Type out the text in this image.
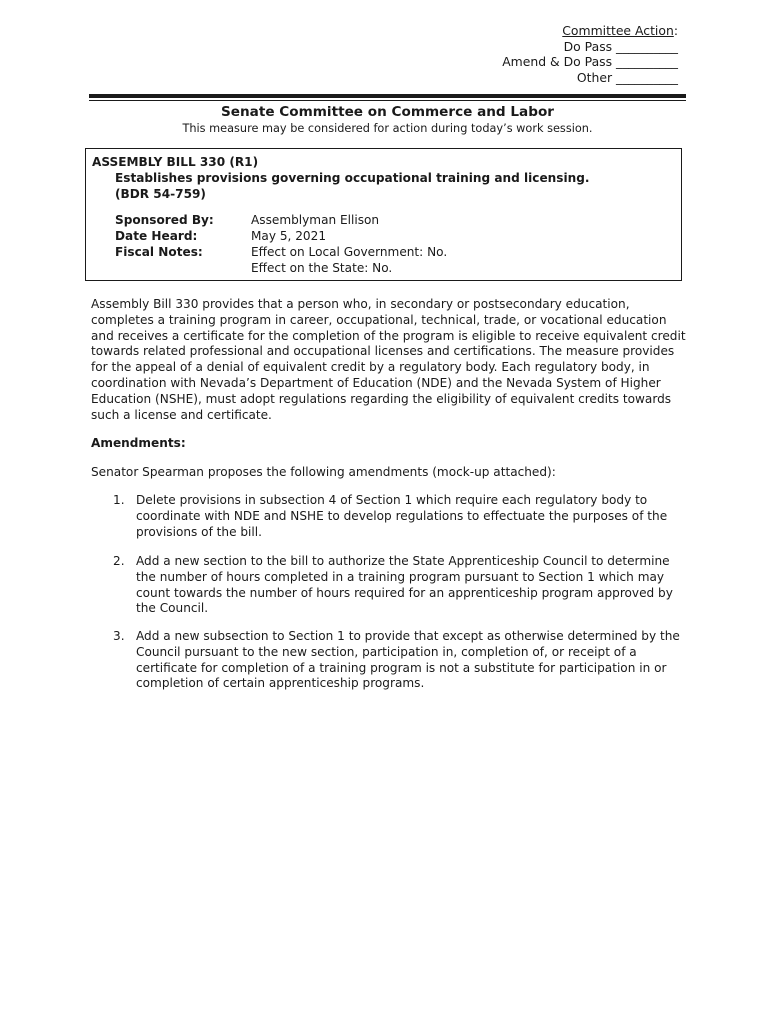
Committee Action:
Do Pass __________
Amend & Do Pass __________
Other __________
Senate Committee on Commerce and Labor
This measure may be considered for action during today’s work session.
ASSEMBLY BILL 330 (R1)
Establishes provisions governing occupational training and licensing.
(BDR 54-759)
Sponsored By:	Assemblyman Ellison
Date Heard:	May 5, 2021
Fiscal Notes:	Effect on Local Government: No.
Effect on the State: No.

Assembly Bill 330 provides that a person who, in secondary or postsecondary education, completes a training program in career, occupational, technical, trade, or vocational education and receives a certificate for the completion of the program is eligible to receive equivalent credit towards related professional and occupational licenses and certifications. The measure provides for the appeal of a denial of equivalent credit by a regulatory body. Each regulatory body, in coordination with Nevada’s Department of Education (NDE) and the Nevada System of Higher Education (NSHE), must adopt regulations regarding the eligibility of equivalent credits towards such a license and certificate.

Amendments:

Senator Spearman proposes the following amendments (mock-up attached):

1. Delete provisions in subsection 4 of Section 1 which require each regulatory body to coordinate with NDE and NSHE to develop regulations to effectuate the purposes of the provisions of the bill.
2. Add a new section to the bill to authorize the State Apprenticeship Council to determine the number of hours completed in a training program pursuant to Section 1 which may count towards the number of hours required for an apprenticeship program approved by the Council.
3. Add a new subsection to Section 1 to provide that except as otherwise determined by the Council pursuant to the new section, participation in, completion of, or receipt of a certificate for completion of a training program is not a substitute for participation in or completion of certain apprenticeship programs.
